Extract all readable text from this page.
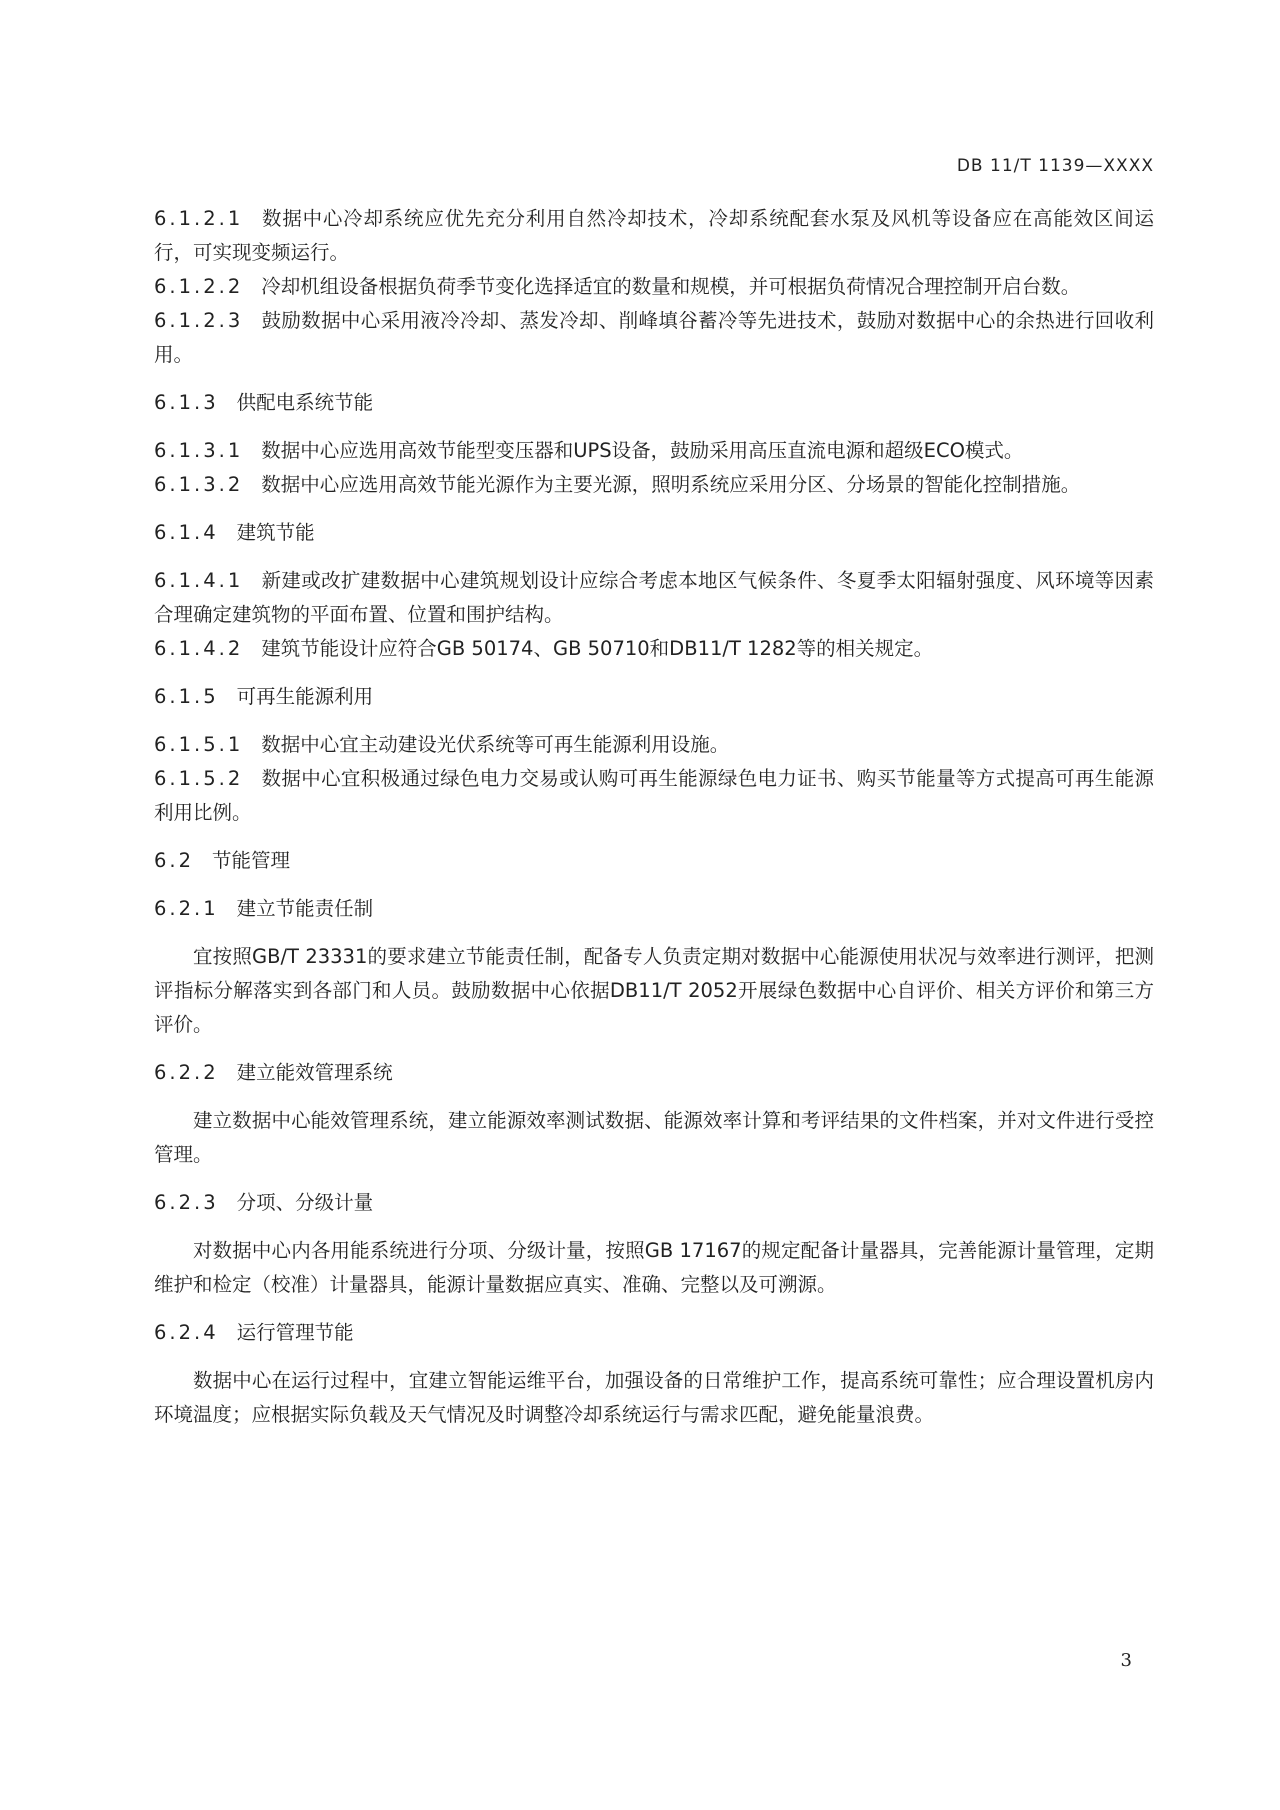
DB 11/T 1139—XXXX

6.1.2.1 数据中心冷却系统应优先充分利用自然冷却技术，冷却系统配套水泵及风机等设备应在高能效区间运行，可实现变频运行。

6.1.2.2 冷却机组设备根据负荷季节变化选择适宜的数量和规模，并可根据负荷情况合理控制开启台数。

6.1.2.3 鼓励数据中心采用液冷冷却、蒸发冷却、削峰填谷蓄冷等先进技术，鼓励对数据中心的余热进行回收利用。

6.1.3 供配电系统节能

6.1.3.1 数据中心应选用高效节能型变压器和UPS设备，鼓励采用高压直流电源和超级ECO模式。

6.1.3.2 数据中心应选用高效节能光源作为主要光源，照明系统应采用分区、分场景的智能化控制措施。

6.1.4 建筑节能

6.1.4.1 新建或改扩建数据中心建筑规划设计应综合考虑本地区气候条件、冬夏季太阳辐射强度、风环境等因素合理确定建筑物的平面布置、位置和围护结构。

6.1.4.2 建筑节能设计应符合GB 50174、GB 50710和DB11/T 1282等的相关规定。

6.1.5 可再生能源利用

6.1.5.1 数据中心宜主动建设光伏系统等可再生能源利用设施。

6.1.5.2 数据中心宜积极通过绿色电力交易或认购可再生能源绿色电力证书、购买节能量等方式提高可再生能源利用比例。

6.2 节能管理

6.2.1 建立节能责任制

宜按照GB/T 23331的要求建立节能责任制，配备专人负责定期对数据中心能源使用状况与效率进行测评，把测评指标分解落实到各部门和人员。鼓励数据中心依据DB11/T 2052开展绿色数据中心自评价、相关方评价和第三方评价。

6.2.2 建立能效管理系统

建立数据中心能效管理系统，建立能源效率测试数据、能源效率计算和考评结果的文件档案，并对文件进行受控管理。

6.2.3 分项、分级计量

对数据中心内各用能系统进行分项、分级计量，按照GB 17167的规定配备计量器具，完善能源计量管理，定期维护和检定（校准）计量器具，能源计量数据应真实、准确、完整以及可溯源。

6.2.4 运行管理节能

数据中心在运行过程中，宜建立智能运维平台，加强设备的日常维护工作，提高系统可靠性；应合理设置机房内环境温度；应根据实际负载及天气情况及时调整冷却系统运行与需求匹配，避免能量浪费。

3
